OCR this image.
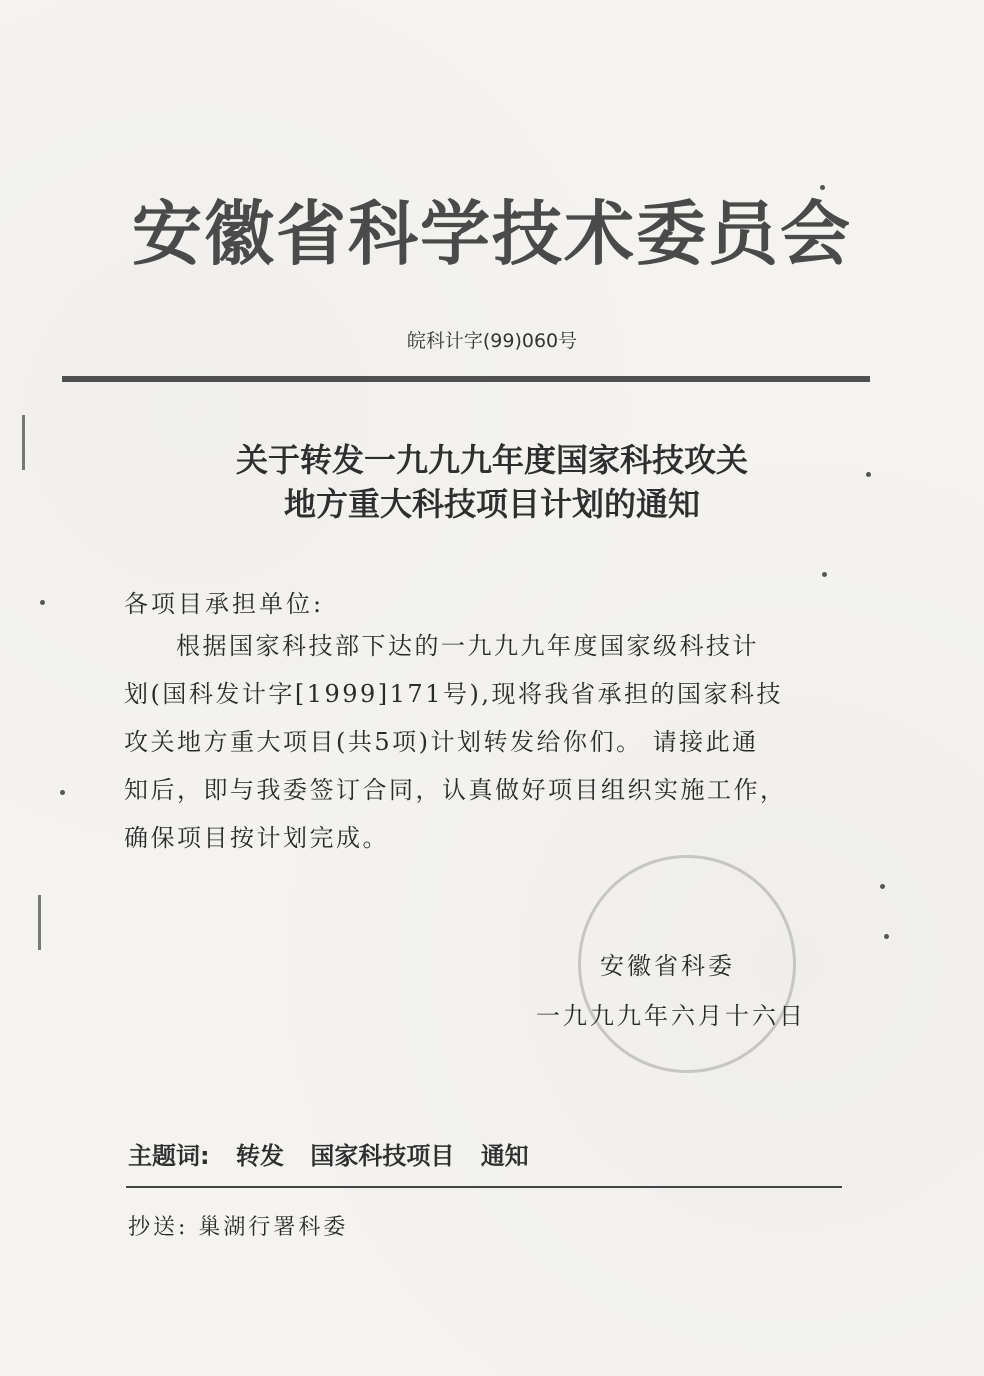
安徽省科学技术委员会

皖科计字(99)060号

关于转发一九九九年度国家科技攻关
地方重大科技项目计划的通知

各项目承担单位:

根据国家科技部下达的一九九九年度国家级科技计
划(国科发计字[1999]171号),现将我省承担的国家科技
攻关地方重大项目(共5项)计划转发给你们。 请接此通
知后，即与我委签订合同，认真做好项目组织实施工作，
确保项目按计划完成。

安徽省科委

一九九九年六月十六日

主题词: 转发 国家科技项目 通知

抄送: 巢湖行署科委
